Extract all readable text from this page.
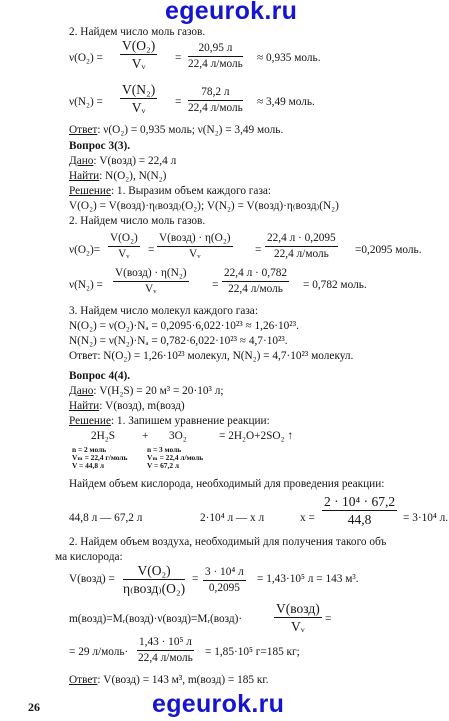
egeurok.ru
egeurok.ru
2. Найдем число моль газов.
$\nu(O_2) = \frac{\text{V(O₂)}}{\text{Vᵥ}}$ =
20,95 л
22,4 л/моль ≈ 0,935 моль.
$\nu(N_2) = \frac{\text{V(N₂)}}{\text{Vᵥ}}$ =
78,2 л
22,4 л/моль ≈ 3,49 моль.
Ответ: ν(O₂) = 0,935 моль; ν(N₂) = 3,49 моль.
Вопрос 3(3).
Дано: V(возд) = 22,4 л
Найти: N(O₂), N(N₂)
Решение: 1. Выразим объем каждого газа:
V(O₂) = V(возд)·η₍возд₎(O₂); V(N₂) = V(возд)·η₍возд₎(N₂)
2. Найдем число моль газов.
$\nu(O_2)= \frac{\text{V(O₂)}}{\text{Vᵥ}}$ =
V(возд) · η(O₂)
Vᵥ	=
22,4 л · 0,2095
22,4 л/моль	=0,2095 моль.
ν(N₂) =
V(возд) · η(N₂)
Vᵥ	=
22,4 л · 0,782
22,4 л/моль	= 0,782 моль.
3. Найдем число молекул каждого газа:
N(O₂) = ν(O₂)·Nₐ = 0,2095·6,022·10²³ ≈ 1,26·10²³.
N(N₂) = ν(N₂)·Nₐ = 0,782·6,022·10²³ ≈ 4,7·10²³.
Ответ: N(O₂) = 1,26·10²³ молекул, N(N₂) = 4,7·10²³ молекул.
Вопрос 4(4).
Дано: V(H₂S) = 20 м³ = 20·10³ л;
Найти: V(возд), m(возд)
Решение: 1. Запишем уравнение реакции:
2H₂S + 3O₂	= 2H₂O+2SO₂ ↑
n = 2 моль
Vₘ = 22,4 г/моль
V = 44,8 л
n = 3 моль
Vₘ = 22,4 л/моль
V = 67,2 л
Найдем объем кислорода, необходимый для проведения реакции:
44,8 л — 67,2 л	2·10⁴ л — x л	$x = \frac{\text{2 · 10⁴ · 67,2}}{44,8} = 3\cdot 10^4$ л.
2. Найдем объем воздуха, необходимый для получения такого объ
ма кислорода:
V(возд) =
V(O₂)
η₍возд₎(O₂)
=
3 · 10⁴ л
0,2095
= 1,43·10⁵ л = 143 м³.
m(возд)=Mᵣ(возд)·ν(возд)=Mᵣ(возд)·
V(возд)
Vᵥ	=
= 29 л/моль·
1,43 · 10⁵ л
22,4 л/моль = 1,85·10⁵ г=185 кг;
Ответ: V(возд) = 143 м³, m(возд) = 185 кг.
26
